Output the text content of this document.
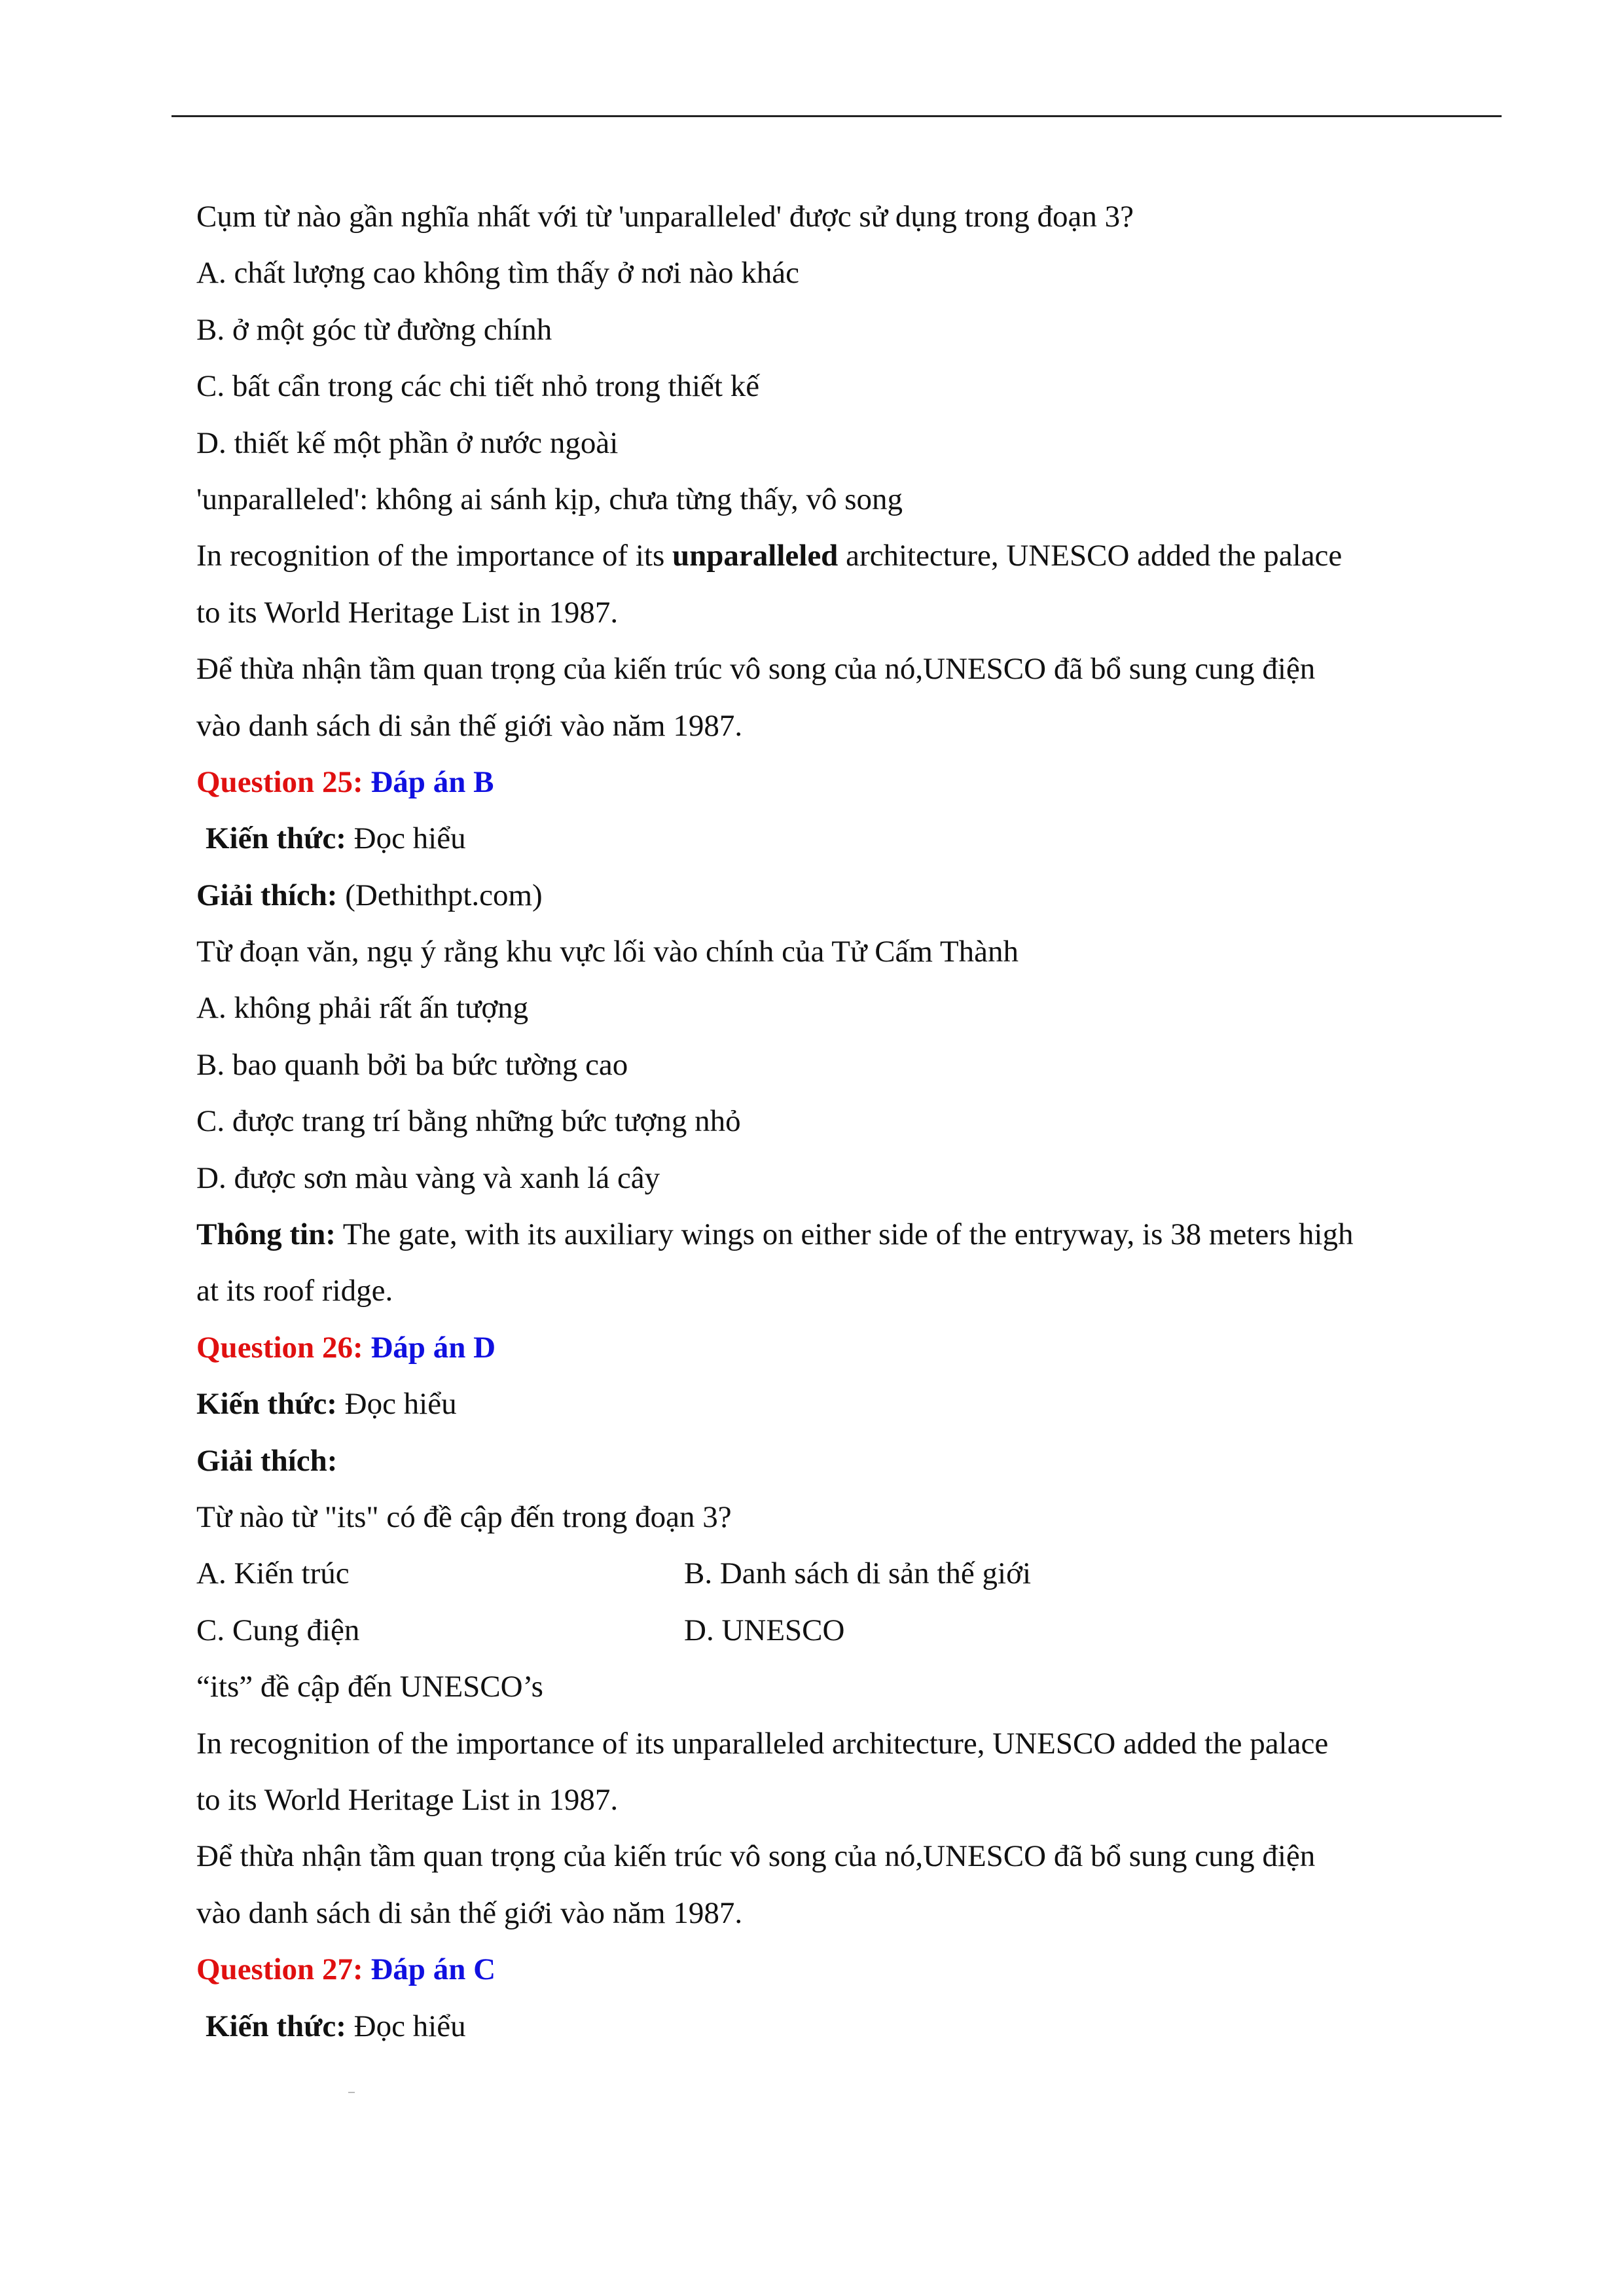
Cụm từ nào gần nghĩa nhất với từ 'unparalleled' được sử dụng trong đoạn 3?
A. chất lượng cao không tìm thấy ở nơi nào khác
B. ở một góc từ đường chính
C. bất cẩn trong các chi tiết nhỏ trong thiết kế
D. thiết kế một phần ở nước ngoài
'unparalleled': không ai sánh kịp, chưa từng thấy, vô song
In recognition of the importance of its unparalleled architecture, UNESCO added the palace
to its World Heritage List in 1987.
Để thừa nhận tầm quan trọng của kiến trúc vô song của nó,UNESCO đã bổ sung cung điện
vào danh sách di sản thế giới vào năm 1987.
Question 25: Đáp án B
Kiến thức: Đọc hiểu
Giải thích: (Dethithpt.com)
Từ đoạn văn, ngụ ý rằng khu vực lối vào chính của Tử Cấm Thành
A. không phải rất ấn tượng
B. bao quanh bởi ba bức tường cao
C. được trang trí bằng những bức tượng nhỏ
D. được sơn màu vàng và xanh lá cây
Thông tin: The gate, with its auxiliary wings on either side of the entryway, is 38 meters high
at its roof ridge.
Question 26: Đáp án D
Kiến thức: Đọc hiểu
Giải thích:
Từ nào từ "its" có đề cập đến trong đoạn 3?
A. Kiến trúc	B. Danh sách di sản thế giới
C. Cung điện	D. UNESCO
“its” đề cập đến UNESCO’s
In recognition of the importance of its unparalleled architecture, UNESCO added the palace
to its World Heritage List in 1987.
Để thừa nhận tầm quan trọng của kiến trúc vô song của nó,UNESCO đã bổ sung cung điện
vào danh sách di sản thế giới vào năm 1987.
Question 27: Đáp án C
Kiến thức: Đọc hiểu
